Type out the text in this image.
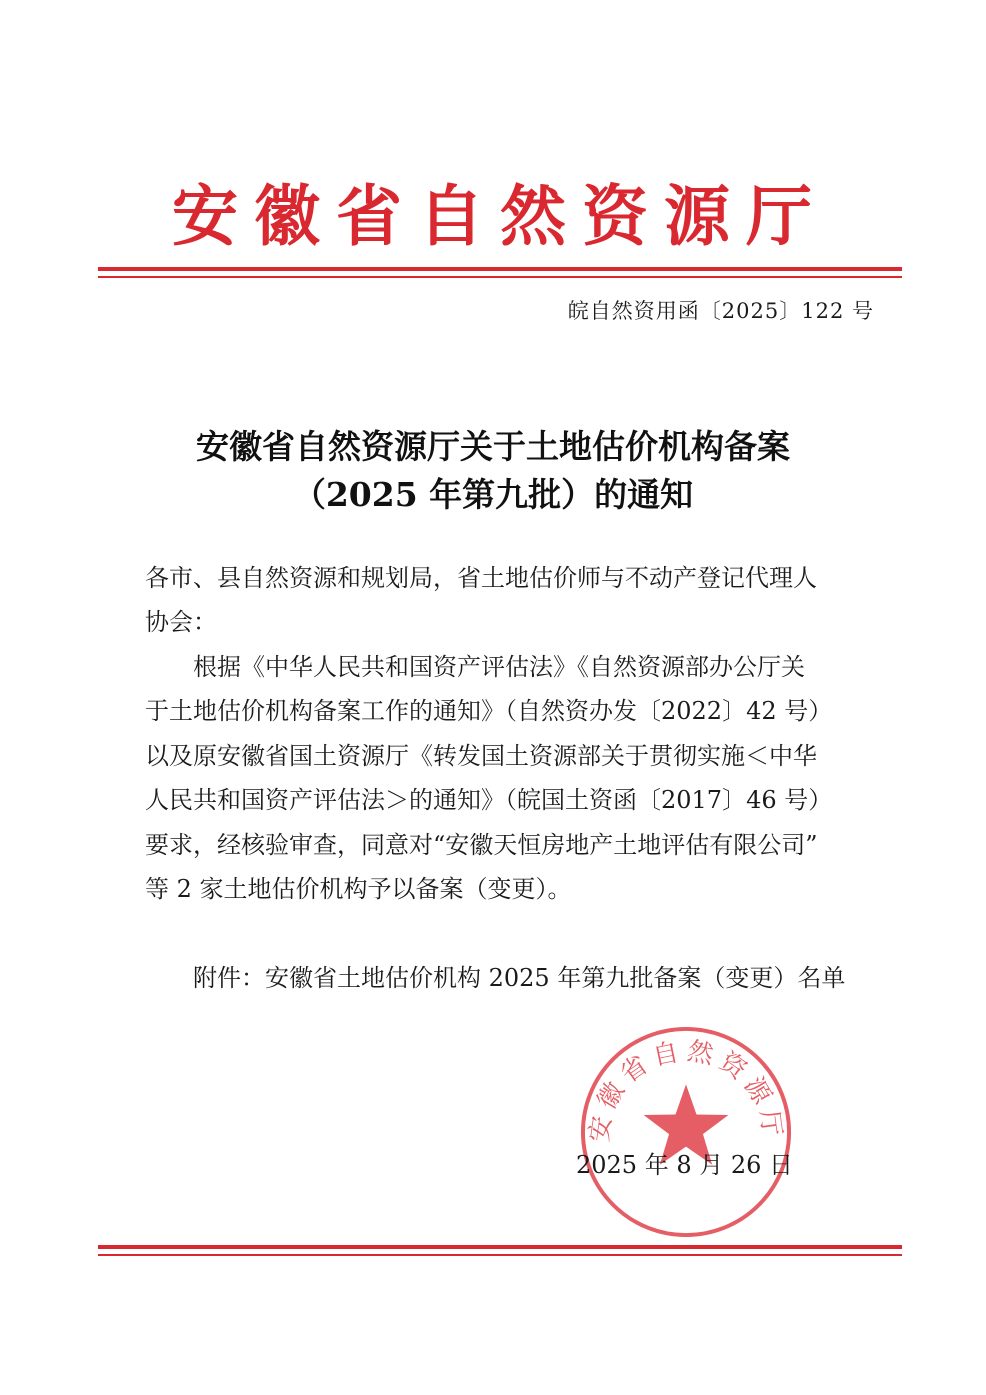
安徽省自然资源厅
皖自然资用函〔2025〕122 号
安徽省自然资源厅关于土地估价机构备案
（2025 年第九批）的通知
各市、县自然资源和规划局，省土地估价师与不动产登记代理人
协会：
根据《中华人民共和国资产评估法》《自然资源部办公厅关
于土地估价机构备案工作的通知》（自然资办发〔2022〕42 号）
以及原安徽省国土资源厅《转发国土资源部关于贯彻实施＜中华
人民共和国资产评估法＞的通知》（皖国土资函〔2017〕46 号）
要求，经核验审查，同意对“安徽天恒房地产土地评估有限公司”
等 2 家土地估价机构予以备案（变更）。
附件：安徽省土地估价机构 2025 年第九批备案（变更）名单
安徽省自然资源厅
2025 年 8 月 26 日
